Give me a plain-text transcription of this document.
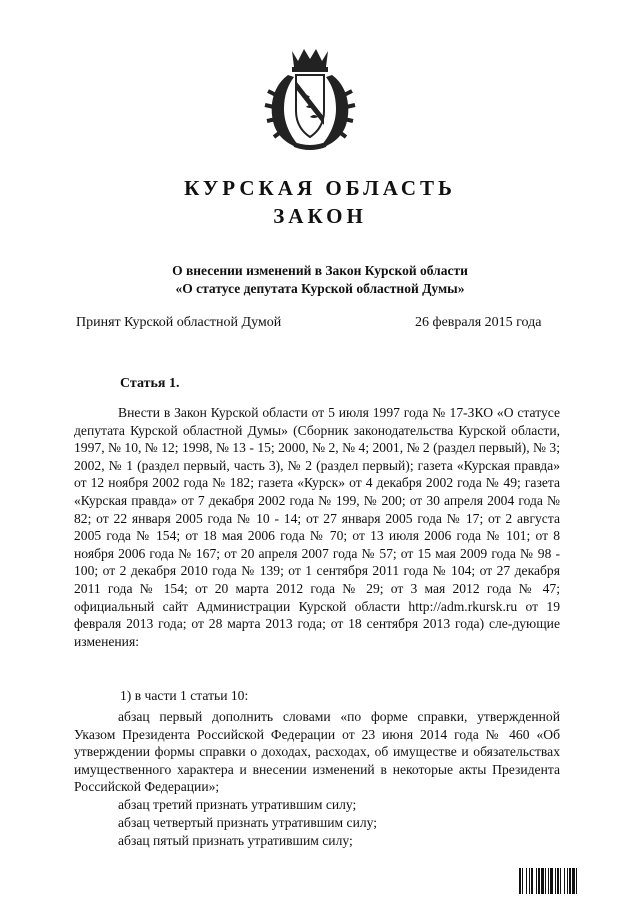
КУРСКАЯ ОБЛАСТЬ
ЗАКОН
О внесении изменений в Закон Курской области
«О статусе депутата Курской областной Думы»
Принят Курской областной Думой	26 февраля 2015 года
Статья 1.
Внести в Закон Курской области от 5 июля 1997 года № 17-ЗКО «О статусе депутата Курской областной Думы» (Сборник законодательства Курской области, 1997, № 10, № 12; 1998, № 13 - 15; 2000, № 2, № 4; 2001, № 2 (раздел первый), № 3; 2002, № 1 (раздел первый, часть 3), № 2 (раздел первый); газета «Курская правда» от 12 ноября 2002 года № 182; газета «Курск» от 4 декабря 2002 года № 49; газета «Курская правда» от 7 декабря 2002 года № 199, № 200; от 30 апреля 2004 года № 82; от 22 января 2005 года № 10 - 14; от 27 января 2005 года № 17; от 2 августа 2005 года № 154; от 18 мая 2006 года № 70; от 13 июля 2006 года № 101; от 8 ноября 2006 года № 167; от 20 апреля 2007 года № 57; от 15 мая 2009 года № 98 - 100; от 2 декабря 2010 года № 139; от 1 сентября 2011 года № 104; от 27 декабря 2011 года № 154; от 20 марта 2012 года № 29; от 3 мая 2012 года № 47; официальный сайт Администрации Курской области http://adm.rkursk.ru от 19 февраля 2013 года; от 28 марта 2013 года; от 18 сентября 2013 года) сле-дующие изменения:
1) в части 1 статьи 10:
абзац первый дополнить словами «по форме справки, утвержденной Указом Президента Российской Федерации от 23 июня 2014 года № 460 «Об утверждении формы справки о доходах, расходах, об имуществе и обязательствах имущественного характера и внесении изменений в некоторые акты Президента Российской Федерации»;
абзац третий признать утратившим силу;
абзац четвертый признать утратившим силу;
абзац пятый признать утратившим силу;
